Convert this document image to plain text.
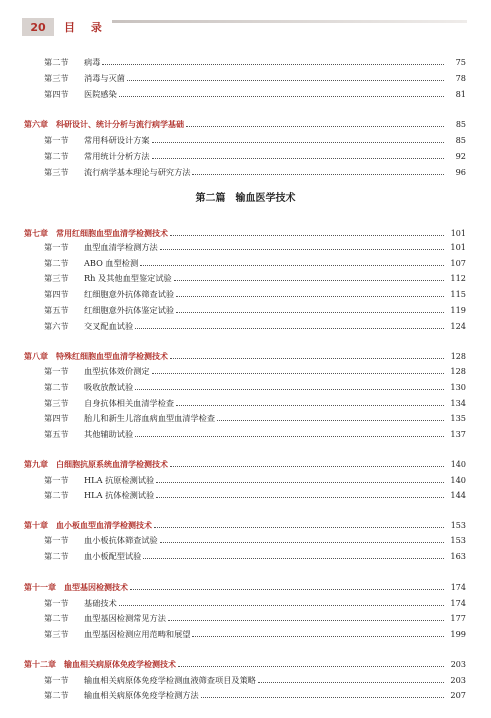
20	目 录
第二篇 输血医学技术
第二节	病毒	75
第三节	消毒与灭菌	78
第四节	医院感染	81
第六章 科研设计、统计分析与流行病学基础	85
第一节	常用科研设计方案	85
第二节	常用统计分析方法	92
第三节	流行病学基本理论与研究方法	96
第七章 常用红细胞血型血清学检测技术	101
第一节	血型血清学检测方法	101
第二节	ABO 血型检测	107
第三节	Rh 及其他血型鉴定试验	112
第四节	红细胞意外抗体筛查试验	115
第五节	红细胞意外抗体鉴定试验	119
第六节	交叉配血试验	124
第八章 特殊红细胞血型血清学检测技术	128
第一节	血型抗体效价测定	128
第二节	吸收放散试验	130
第三节	自身抗体相关血清学检查	134
第四节	胎儿和新生儿溶血病血型血清学检查	135
第五节	其他辅助试验	137
第九章 白细胞抗原系统血清学检测技术	140
第一节	HLA 抗原检测试验	140
第二节	HLA 抗体检测试验	144
第十章 血小板血型血清学检测技术	153
第一节	血小板抗体筛查试验	153
第二节	血小板配型试验	163
第十一章 血型基因检测技术	174
第一节	基础技术	174
第二节	血型基因检测常见方法	177
第三节	血型基因检测应用范畴和展望	199
第十二章 输血相关病原体免疫学检测技术	203
第一节	输血相关病原体免疫学检测血液筛查项目及策略	203
第二节	输血相关病原体免疫学检测方法	207
